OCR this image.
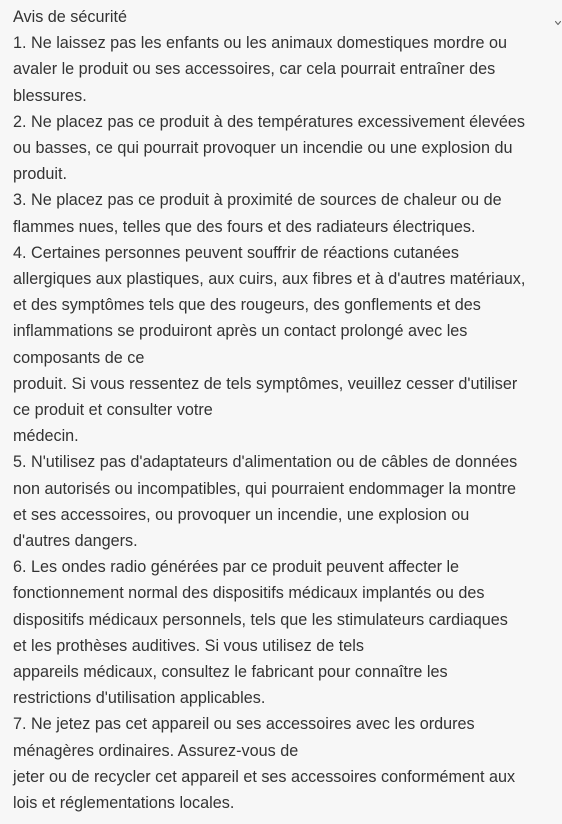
Avis de sécurité
1. Ne laissez pas les enfants ou les animaux domestiques mordre ou
avaler le produit ou ses accessoires, car cela pourrait entraîner des
blessures.
2. Ne placez pas ce produit à des températures excessivement élevées
ou basses, ce qui pourrait provoquer un incendie ou une explosion du
produit.
3. Ne placez pas ce produit à proximité de sources de chaleur ou de
flammes nues, telles que des fours et des radiateurs électriques.
4. Certaines personnes peuvent souffrir de réactions cutanées
allergiques aux plastiques, aux cuirs, aux fibres et à d'autres matériaux,
et des symptômes tels que des rougeurs, des gonflements et des
inflammations se produiront après un contact prolongé avec les
composants de ce
produit. Si vous ressentez de tels symptômes, veuillez cesser d'utiliser
ce produit et consulter votre
médecin.
5. N'utilisez pas d'adaptateurs d'alimentation ou de câbles de données
non autorisés ou incompatibles, qui pourraient endommager la montre
et ses accessoires, ou provoquer un incendie, une explosion ou
d'autres dangers.
6. Les ondes radio générées par ce produit peuvent affecter le
fonctionnement normal des dispositifs médicaux implantés ou des
dispositifs médicaux personnels, tels que les stimulateurs cardiaques
et les prothèses auditives. Si vous utilisez de tels
appareils médicaux, consultez le fabricant pour connaître les
restrictions d'utilisation applicables.
7. Ne jetez pas cet appareil ou ses accessoires avec les ordures
ménagères ordinaires. Assurez-vous de
jeter ou de recycler cet appareil et ses accessoires conformément aux
lois et réglementations locales.
